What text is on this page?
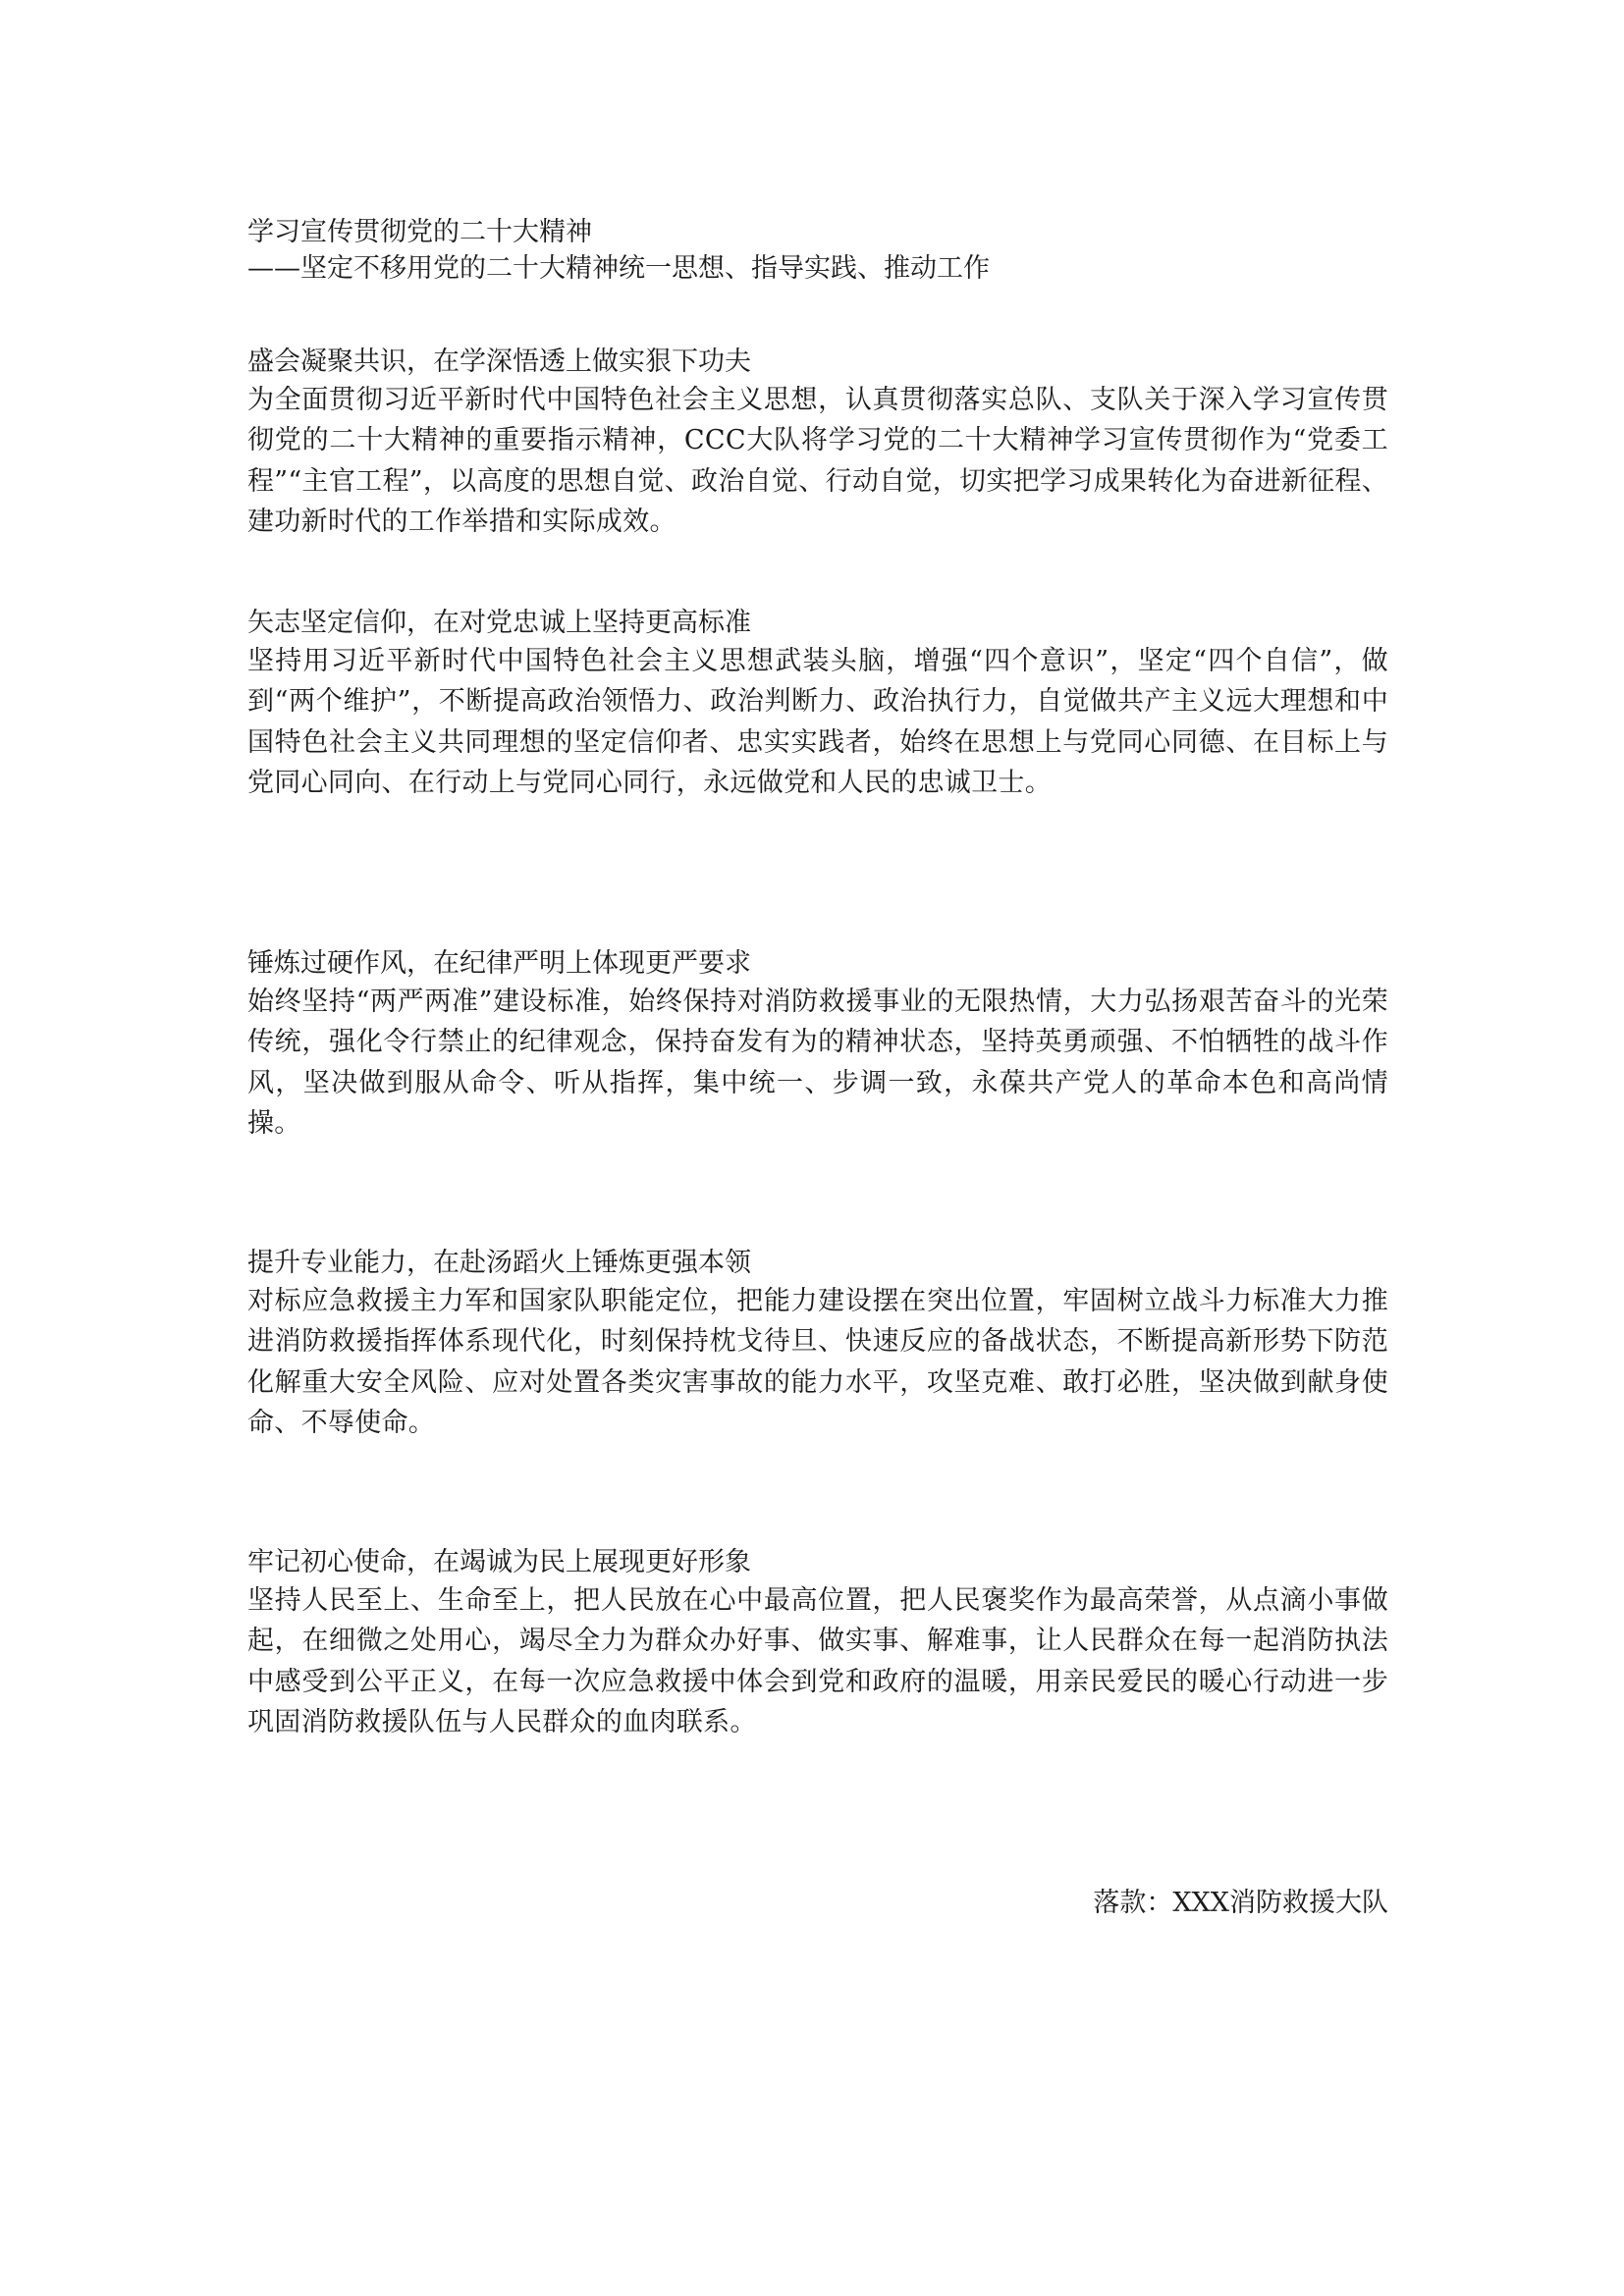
学习宣传贯彻党的二十大精神

——坚定不移用党的二十大精神统一思想、指导实践、推动工作

盛会凝聚共识，在学深悟透上做实狠下功夫

为全面贯彻习近平新时代中国特色社会主义思想，认真贯彻落实总队、支队关于深入学习宣传贯彻党的二十大精神的重要指示精神，CCC大队将学习党的二十大精神学习宣传贯彻作为“党委工程”“主官工程”，以高度的思想自觉、政治自觉、行动自觉，切实把学习成果转化为奋进新征程、建功新时代的工作举措和实际成效。

矢志坚定信仰，在对党忠诚上坚持更高标准

坚持用习近平新时代中国特色社会主义思想武装头脑，增强“四个意识”，坚定“四个自信”，做到“两个维护”，不断提高政治领悟力、政治判断力、政治执行力，自觉做共产主义远大理想和中国特色社会主义共同理想的坚定信仰者、忠实实践者，始终在思想上与党同心同德、在目标上与党同心同向、在行动上与党同心同行，永远做党和人民的忠诚卫士。

锤炼过硬作风，在纪律严明上体现更严要求

始终坚持“两严两准”建设标准，始终保持对消防救援事业的无限热情，大力弘扬艰苦奋斗的光荣传统，强化令行禁止的纪律观念，保持奋发有为的精神状态，坚持英勇顽强、不怕牺牲的战斗作风，坚决做到服从命令、听从指挥，集中统一、步调一致，永葆共产党人的革命本色和高尚情操。

提升专业能力，在赴汤蹈火上锤炼更强本领

对标应急救援主力军和国家队职能定位，把能力建设摆在突出位置，牢固树立战斗力标准大力推进消防救援指挥体系现代化，时刻保持枕戈待旦、快速反应的备战状态，不断提高新形势下防范化解重大安全风险、应对处置各类灾害事故的能力水平，攻坚克难、敢打必胜，坚决做到献身使命、不辱使命。

牢记初心使命，在竭诚为民上展现更好形象

坚持人民至上、生命至上，把人民放在心中最高位置，把人民褒奖作为最高荣誉，从点滴小事做起，在细微之处用心，竭尽全力为群众办好事、做实事、解难事，让人民群众在每一起消防执法中感受到公平正义，在每一次应急救援中体会到党和政府的温暖，用亲民爱民的暖心行动进一步巩固消防救援队伍与人民群众的血肉联系。

落款：XXX消防救援大队
